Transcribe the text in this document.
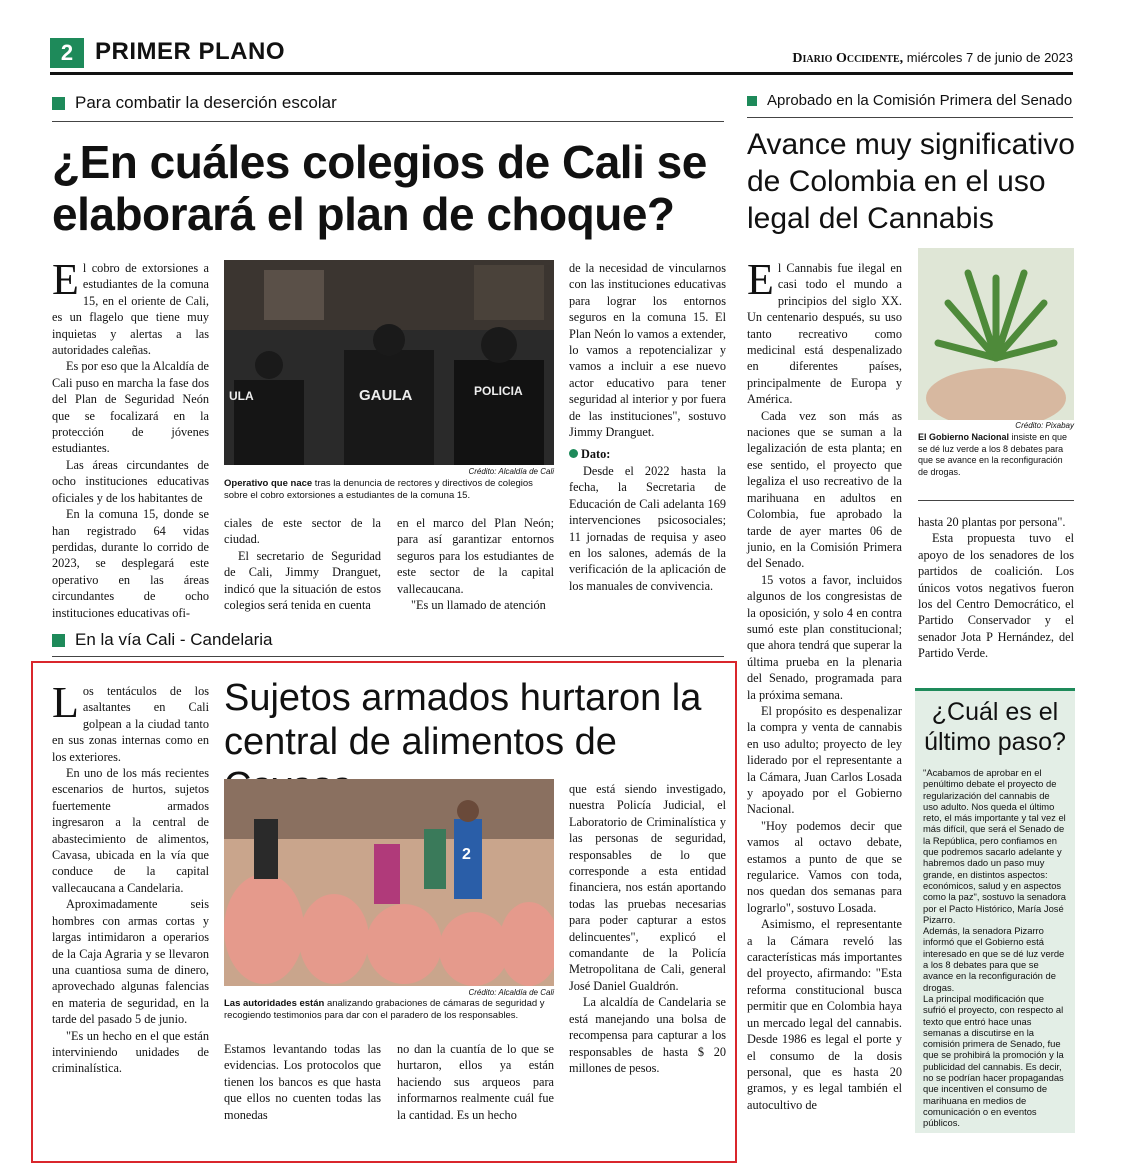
2 PRIMER PLANO	Diario Occidente, miércoles 7 de junio de 2023
Para combatir la deserción escolar
¿En cuáles colegios de Cali se elaborará el plan de choque?

El cobro de extorsiones a estudiantes de la comuna 15, en el oriente de Cali, es un flagelo que tiene muy inquietas y alertas a las autoridades caleñas.

Es por eso que la Alcaldía de Cali puso en marcha la fase dos del Plan de Seguridad Neón que se focalizará en la protección de jóvenes estudiantes.

Las áreas circundantes de ocho instituciones educativas oficiales y de los habitantes de

En la comuna 15, donde se han registrado 64 vidas perdidas, durante lo corrido de 2023, se desplegará este operativo en las áreas circundantes de ocho instituciones educativas ofi-

GAULA	POLICIA
ULA
Crédito: Alcaldía de Cali
Operativo que nace tras la denuncia de rectores y directivos de colegios sobre el cobro extorsiones a estudiantes de la comuna 15.

ciales de este sector de la ciudad.

El secretario de Seguridad de Cali, Jimmy Dranguet, indicó que la situación de estos colegios será tenida en cuenta

en el marco del Plan Neón; para así garantizar entornos seguros para los estudiantes de este sector de la capital vallecaucana.

"Es un llamado de atención

de la necesidad de vincularnos con las instituciones educativas para lograr los entornos seguros en la comuna 15. El Plan Neón lo vamos a extender, lo vamos a repotencializar y vamos a incluir a ese nuevo actor educativo para tener seguridad al interior y por fuera de las instituciones", sostuvo Jimmy Dranguet.

Dato:

Desde el 2022 hasta la fecha, la Secretaria de Educación de Cali adelanta 169 intervenciones psicosociales; 11 jornadas de requisa y aseo en los salones, además de la verificación de la aplicación de los manuales de convivencia.

En la vía Cali - Candelaria

Los tentáculos de los asaltantes en Cali golpean a la ciudad tanto en sus zonas internas como en los exteriores.

En uno de los más recientes escenarios de hurtos, sujetos fuertemente armados ingresaron a la central de abastecimiento de alimentos, Cavasa, ubicada en la vía que conduce de la capital vallecaucana a Candelaria.

Aproximadamente seis hombres con armas cortas y largas intimidaron a operarios de la Caja Agraria y se llevaron una cuantiosa suma de dinero, aprovechado algunas falencias en materia de seguridad, en la tarde del pasado 5 de junio.

"Es un hecho en el que están interviniendo unidades de criminalística.

Sujetos armados hurtaron la central de alimentos de
2
Crédito: Alcaldía de Cali
Las autoridades están analizando grabaciones de cámaras de seguridad y recogiendo testimonios para dar con el paradero de los responsables.

Estamos levantando todas las evidencias. Los protocolos que tienen los bancos es que hasta que ellos no cuenten todas las monedas

no dan la cuantía de lo que se hurtaron, ellos ya están haciendo sus arqueos para informarnos realmente cuál fue la cantidad. Es un hecho

que está siendo investigado, nuestra Policía Judicial, el Laboratorio de Criminalística y las personas de seguridad, responsables de lo que corresponde a esta entidad financiera, nos están aportando todas las pruebas necesarias para poder capturar a estos delincuentes", explicó el comandante de la Policía Metropolitana de Cali, general José Daniel Gualdrón.

La alcaldía de Candelaria se está manejando una bolsa de recompensa para capturar a los responsables de hasta $ 20 millones de pesos.

Aprobado en la Comisión Primera del Senado
Avance muy significativo de Colombia en el uso legal del Cannabis

El Cannabis fue ilegal en casi todo el mundo a principios del siglo XX. Un centenario después, su uso tanto recreativo como medicinal está despenalizado en diferentes países, principalmente de Europa y América.

Cada vez son más as naciones que se suman a la legalización de esta planta; en ese sentido, el proyecto que legaliza el uso recreativo de la marihuana en adultos en Colombia, fue aprobado la tarde de ayer martes 06 de junio, en la Comisión Primera del Senado.

15 votos a favor, incluidos algunos de los congresistas de la oposición, y solo 4 en contra sumó este plan constitucional; que ahora tendrá que superar la última prueba en la plenaria del Senado, programada para la próxima semana.

El propósito es despenalizar la compra y venta de cannabis en uso adulto; proyecto de ley liderado por el representante a la Cámara, Juan Carlos Losada y apoyado por el Gobierno Nacional.

"Hoy podemos decir que vamos al octavo debate, estamos a punto de que se regularice. Vamos con toda, nos quedan dos semanas para lograrlo", sostuvo Losada.

Asimismo, el representante a la Cámara reveló las características más importantes del proyecto, afirmando: "Esta reforma constitucional busca permitir que en Colombia haya un mercado legal del cannabis. Desde 1986 es legal el porte y el consumo de la dosis personal, que es hasta 20 gramos, y es legal también el autocultivo de

Crédito: Pixabay
El Gobierno Nacional insiste en que se dé luz verde a los 8 debates para que se avance en la reconfiguración de drogas.

hasta 20 plantas por persona".

Esta propuesta tuvo el apoyo de los senadores de los partidos de coalición. Los únicos votos negativos fueron los del Centro Democrático, el Partido Conservador y el senador Jota P Hernández, del Partido Verde.

¿Cuál es el último paso?

"Acabamos de aprobar en el penúltimo debate el proyecto de regularización del cannabis de uso adulto. Nos queda el último reto, el más importante y tal vez el más difícil, que será el Senado de la República, pero confiamos en que podremos sacarlo adelante y habremos dado un paso muy grande, en distintos aspectos: económicos, salud y en aspectos como la paz", sostuvo la senadora por el Pacto Histórico, María José Pizarro.

Además, la senadora Pizarro informó que el Gobierno está interesado en que se dé luz verde a los 8 debates para que se avance en la reconfiguración de drogas.

La principal modificación que sufrió el proyecto, con respecto al texto que entró hace unas semanas a discutirse en la comisión primera de Senado, fue que se prohibirá la promoción y la publicidad del cannabis. Es decir, no se podrían hacer propagandas que incentiven el consumo de marihuana en medios de comunicación o en eventos públicos.
